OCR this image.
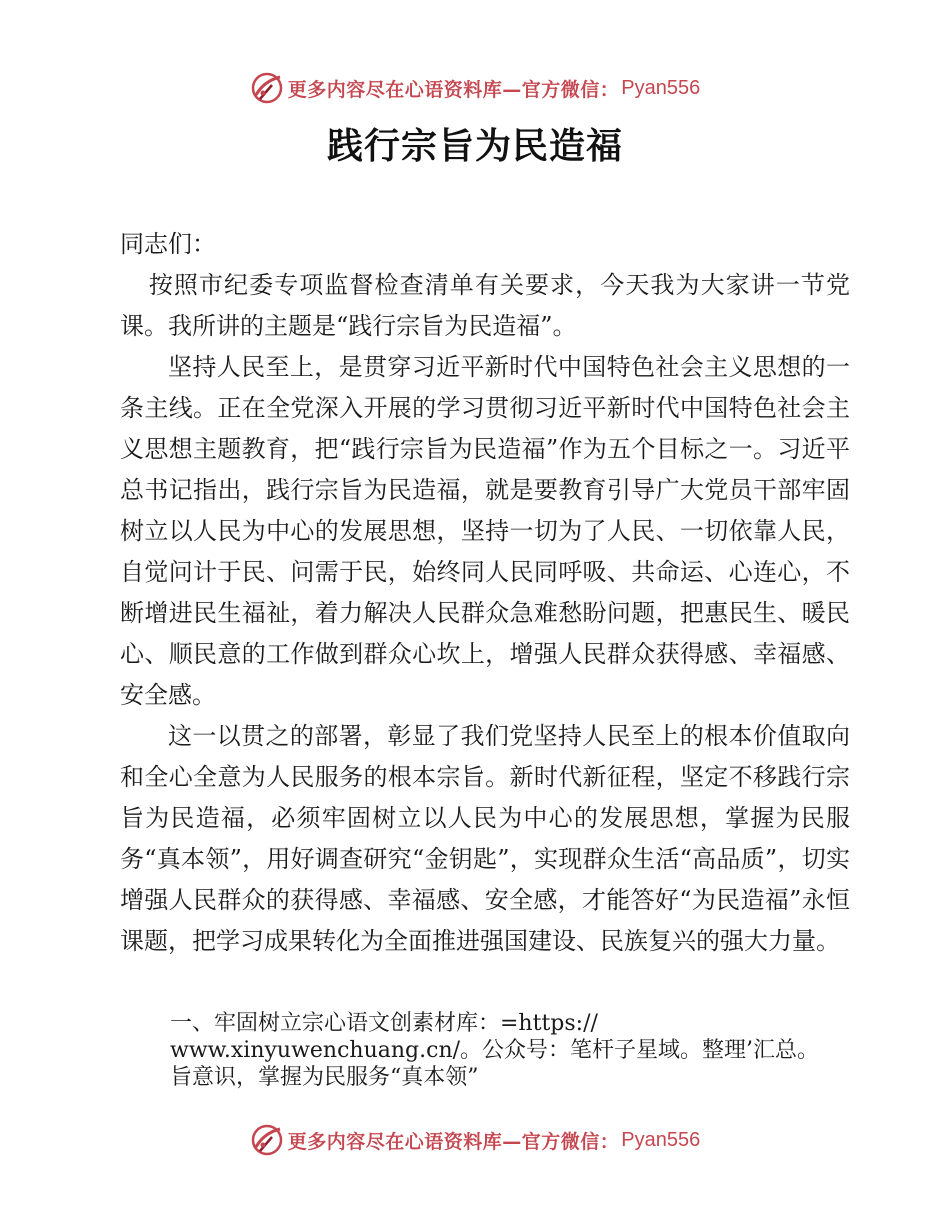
更多内容尽在心语资料库—官方微信： Pyan556
践行宗旨为民造福

同志们：

按照市纪委专项监督检查清单有关要求，今天我为大家讲一节党课。我所讲的主题是“践行宗旨为民造福”。

坚持人民至上，是贯穿习近平新时代中国特色社会主义思想的一条主线。正在全党深入开展的学习贯彻习近平新时代中国特色社会主义思想主题教育，把“践行宗旨为民造福”作为五个目标之一。习近平总书记指出，践行宗旨为民造福，就是要教育引导广大党员干部牢固树立以人民为中心的发展思想，坚持一切为了人民、一切依靠人民，自觉问计于民、问需于民，始终同人民同呼吸、共命运、心连心，不断增进民生福祉，着力解决人民群众急难愁盼问题，把惠民生、暖民心、顺民意的工作做到群众心坎上，增强人民群众获得感、幸福感、安全感。

这一以贯之的部署，彰显了我们党坚持人民至上的根本价值取向和全心全意为人民服务的根本宗旨。新时代新征程，坚定不移践行宗旨为民造福，必须牢固树立以人民为中心的发展思想，掌握为民服务“真本领”，用好调查研究“金钥匙”，实现群众生活“高品质”，切实增强人民群众的获得感、幸福感、安全感，才能答好“为民造福”永恒课题，把学习成果转化为全面推进强国建设、民族复兴的强大力量。

一、牢固树立宗心语文创素材库：=https://

www.xinyuwenchuang.cn/。公众号：笔杆子星域。整理’汇总。

旨意识，掌握为民服务“真本领”

更多内容尽在心语资料库—官方微信： Pyan556
